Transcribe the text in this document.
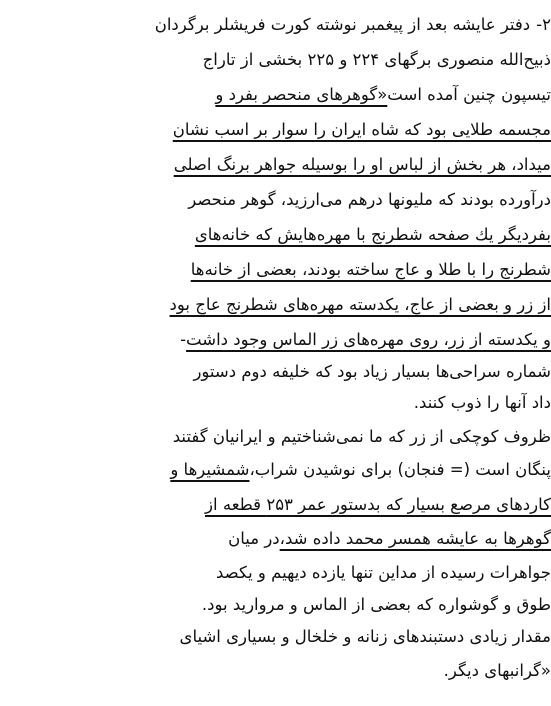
۲-دفتر عایشه بعد از پیغمبر نوشته کورت فریشلر برگردان
ذبیح‌الله منصوری برگهای ۲۲۴ و ۲۲۵ بخشی از تاراج
تیسپون چنین آمده است«گوهرهای منحصر بفرد و
مجسمه طلایی بود که شاه ایران را سوار بر اسب نشان
میداد، هر بخش از لباس او را بوسیله جواهر برنگ اصلی
درآورده بودند که ملیونها درهم می‌ارزید، گوهر منحصر
بفردیگر یك صفحه شطرنج با مهره‌هایش که خانه‌های
شطرنج را با طلا و عاج ساخته بودند، بعضی از خانه‌ها
از زر و بعضی از عاج، یکدسته مهره‌های شطرنج عاج بود
و یکدسته از زر، روی مهره‌های زر الماس وجود داشت-
شماره سراحی‌ها بسیار زیاد بود که خلیفه دوم دستور
داد آنها را ذوب کنند.
ظروف کوچکی از زر که ما نمی‌شناختیم و ایرانیان گفتند
پنگان است (= فنجان) برای نوشیدن شراب،شمشیرها و
کاردهای مرصع بسیار که بدستور عمر ۲۵۳ قطعه از
گوهرها به عایشه همسر محمد داده شد،در میان
جواهرات رسیده از مداین تنها یازده دیهیم و یکصد
طوق و گوشواره که بعضی از الماس و مروارید بود.
مقدار زیادی دستبندهای زنانه و خلخال و بسیاری اشیای
«گرانبهای دیگر.
